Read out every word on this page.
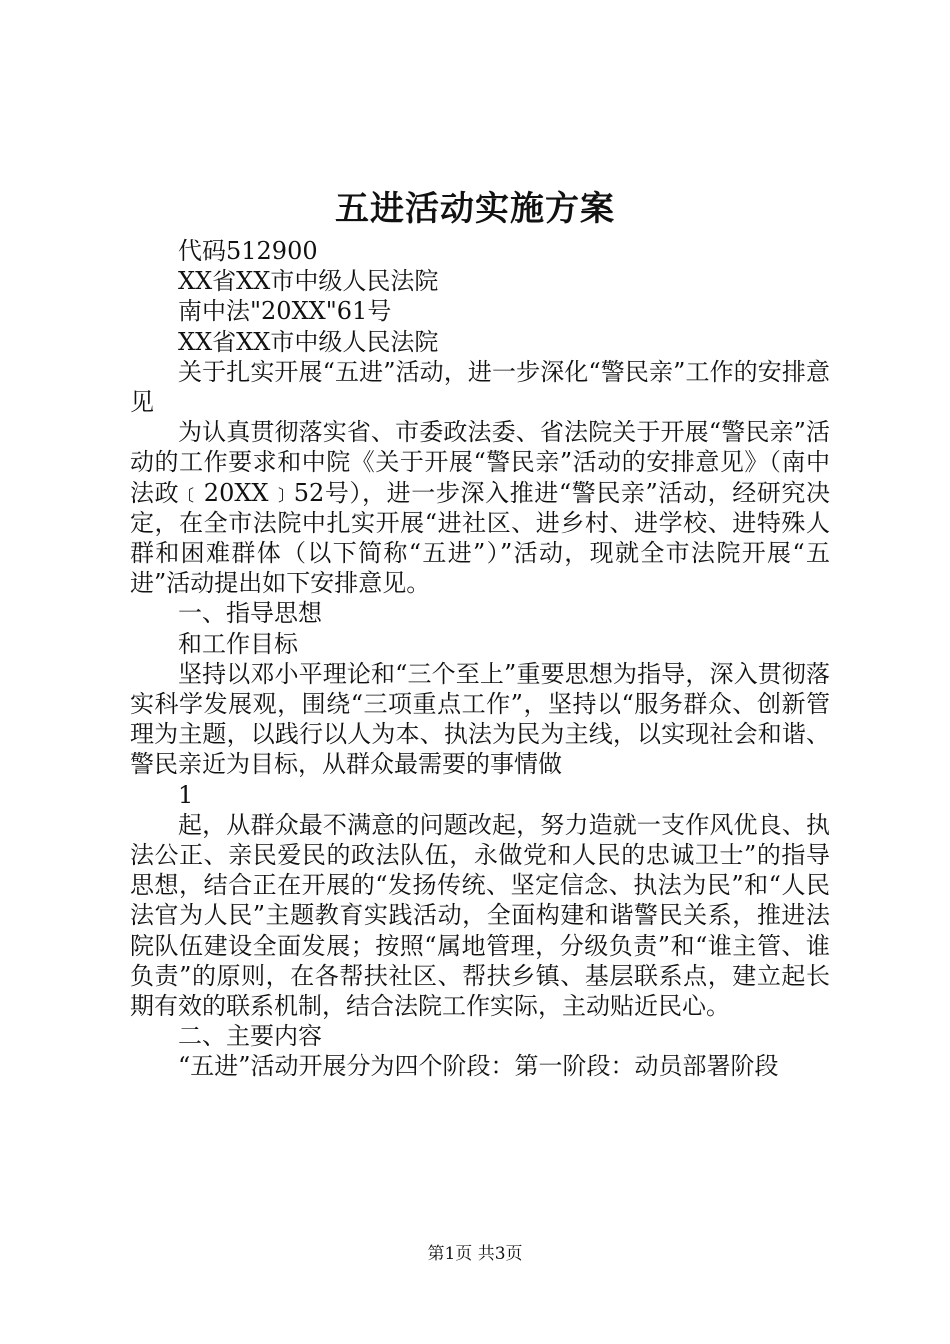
五进活动实施方案

代码512900

XX省XX市中级人民法院

南中法"20XX"61号

XX省XX市中级人民法院

关于扎实开展“五进”活动，进一步深化“警民亲”工作的安排意见

为认真贯彻落实省、市委政法委、省法院关于开展“警民亲”活动的工作要求和中院《关于开展“警民亲”活动的安排意见》（南中法政﹝20XX﹞52号），进一步深入推进“警民亲”活动，经研究决定，在全市法院中扎实开展“进社区、进乡村、进学校、进特殊人群和困难群体（以下简称“五进”）”活动，现就全市法院开展“五进”活动提出如下安排意见。

一、指导思想

和工作目标

坚持以邓小平理论和“三个至上”重要思想为指导，深入贯彻落实科学发展观，围绕“三项重点工作”，坚持以“服务群众、创新管理为主题，以践行以人为本、执法为民为主线，以实现社会和谐、警民亲近为目标，从群众最需要的事情做

1

起，从群众最不满意的问题改起，努力造就一支作风优良、执法公正、亲民爱民的政法队伍，永做党和人民的忠诚卫士”的指导思想，结合正在开展的“发扬传统、坚定信念、执法为民”和“人民法官为人民”主题教育实践活动，全面构建和谐警民关系，推进法院队伍建设全面发展；按照“属地管理，分级负责”和“谁主管、谁负责”的原则，在各帮扶社区、帮扶乡镇、基层联系点，建立起长期有效的联系机制，结合法院工作实际，主动贴近民心。

二、主要内容

“五进”活动开展分为四个阶段：第一阶段：动员部署阶段

第1页 共3页
